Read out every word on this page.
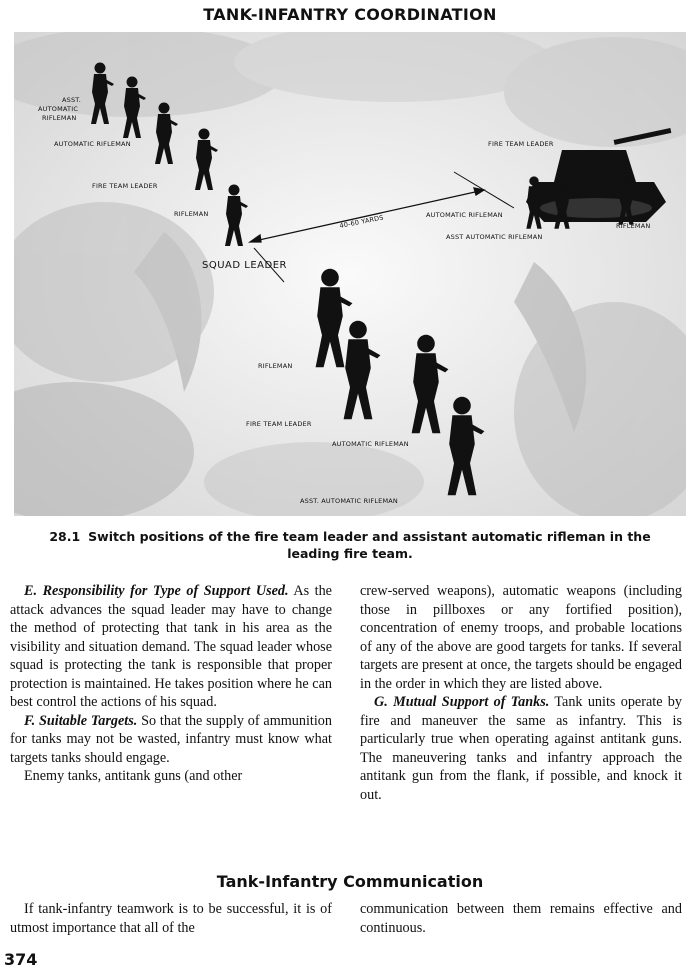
TANK-INFANTRY COORDINATION
ASST.
AUTOMATIC
RIFLEMAN
AUTOMATIC RIFLEMAN
FIRE TEAM LEADER
RIFLEMAN
SQUAD LEADER
40-60 YARDS
FIRE TEAM LEADER
AUTOMATIC RIFLEMAN
ASST AUTOMATIC RIFLEMAN
RIFLEMAN
RIFLEMAN
FIRE TEAM LEADER
AUTOMATIC RIFLEMAN
ASST. AUTOMATIC RIFLEMAN
28.1 Switch positions of the fire team leader and assistant automatic rifleman in the leading fire team.

E. Responsibility for Type of Support Used. As the attack advances the squad leader may have to change the method of protecting that tank in his area as the visibility and situation demand. The squad leader whose squad is protecting the tank is responsible that proper protection is maintained. He takes position where he can best control the actions of his squad.

F. Suitable Targets. So that the supply of ammunition for tanks may not be wasted, infantry must know what targets tanks should engage.

Enemy tanks, antitank guns (and other

crew-served weapons), automatic weapons (including those in pillboxes or any fortified position), concentration of enemy troops, and probable locations of any of the above are good targets for tanks. If several targets are present at once, the targets should be engaged in the order in which they are listed above.

G. Mutual Support of Tanks. Tank units operate by fire and maneuver the same as infantry. This is particularly true when operating against antitank guns. The maneuvering tanks and infantry approach the antitank gun from the flank, if possible, and knock it out.

Tank-Infantry Communication

If tank-infantry teamwork is to be successful, it is of utmost importance that all of the

communication between them remains effective and continuous.

374
